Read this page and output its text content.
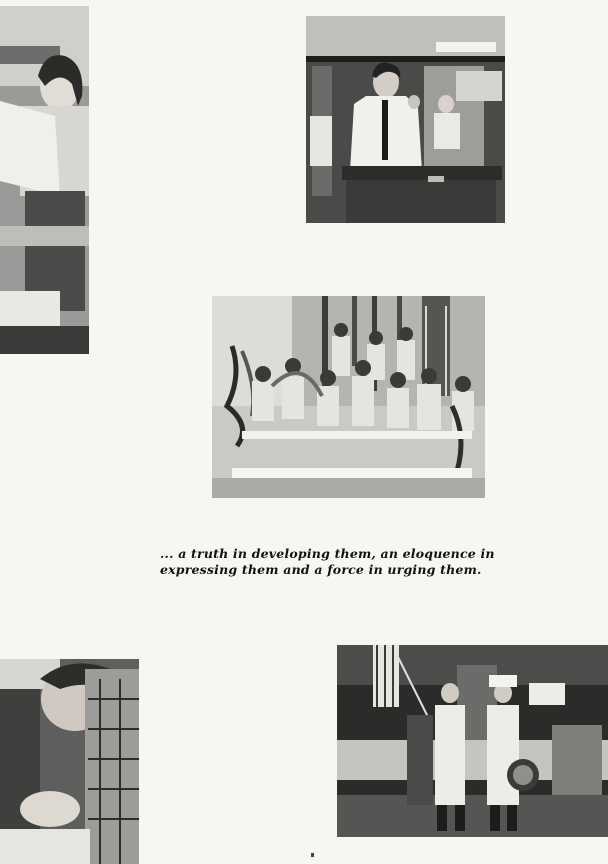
... a truth in developing them, an eloquence in
expressing them and a force in urging them.
